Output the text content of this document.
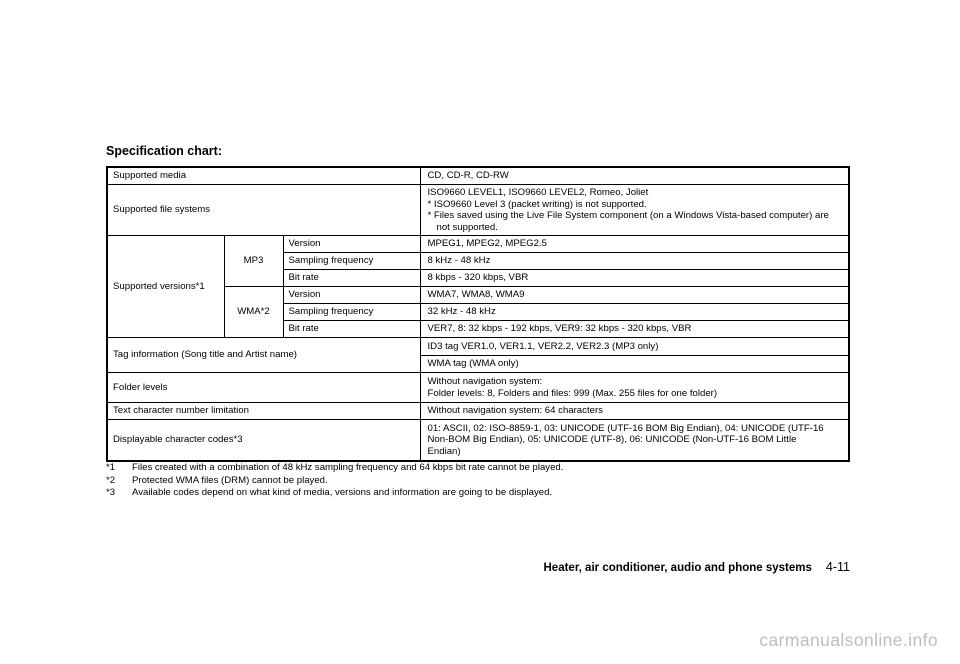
Specification chart:
Supported media			CD, CD-R, CD-RW
Supported file systems			ISO9660 LEVEL1, ISO9660 LEVEL2, Romeo, Joliet
* ISO9660 Level 3 (packet writing) is not supported.
* Files saved using the Live File System component (on a Windows Vista-based computer) are
not supported.

Supported versions*1	MP3	Version	MPEG1, MPEG2, MPEG2.5
		Sampling frequency	8 kHz - 48 kHz
		Bit rate	8 kbps - 320 kbps, VBR
	WMA*2	Version	WMA7, WMA8, WMA9
		Sampling frequency	32 kHz - 48 kHz
		Bit rate	VER7, 8: 32 kbps - 192 kbps, VER9: 32 kbps - 320 kbps, VBR
Tag information (Song title and Artist name)			ID3 tag VER1.0, VER1.1, VER2.2, VER2.3 (MP3 only)
			WMA tag (WMA only)
Folder levels			Without navigation system:
Folder levels: 8, Folders and files: 999 (Max. 255 files for one folder)

Text character number limitation			Without navigation system: 64 characters
Displayable character codes*3			01: ASCII, 02: ISO-8859-1, 03: UNICODE (UTF-16 BOM Big Endian), 04: UNICODE (UTF-16
Non-BOM Big Endian), 05: UNICODE (UTF-8), 06: UNICODE (Non-UTF-16 BOM Little
Endian)
*1	Files created with a combination of 48 kHz sampling frequency and 64 kbps bit rate cannot be played.
*2	Protected WMA files (DRM) cannot be played.
*3	Available codes depend on what kind of media, versions and information are going to be displayed.
Heater, air conditioner, audio and phone systems 4-11
carmanualsonline.info
